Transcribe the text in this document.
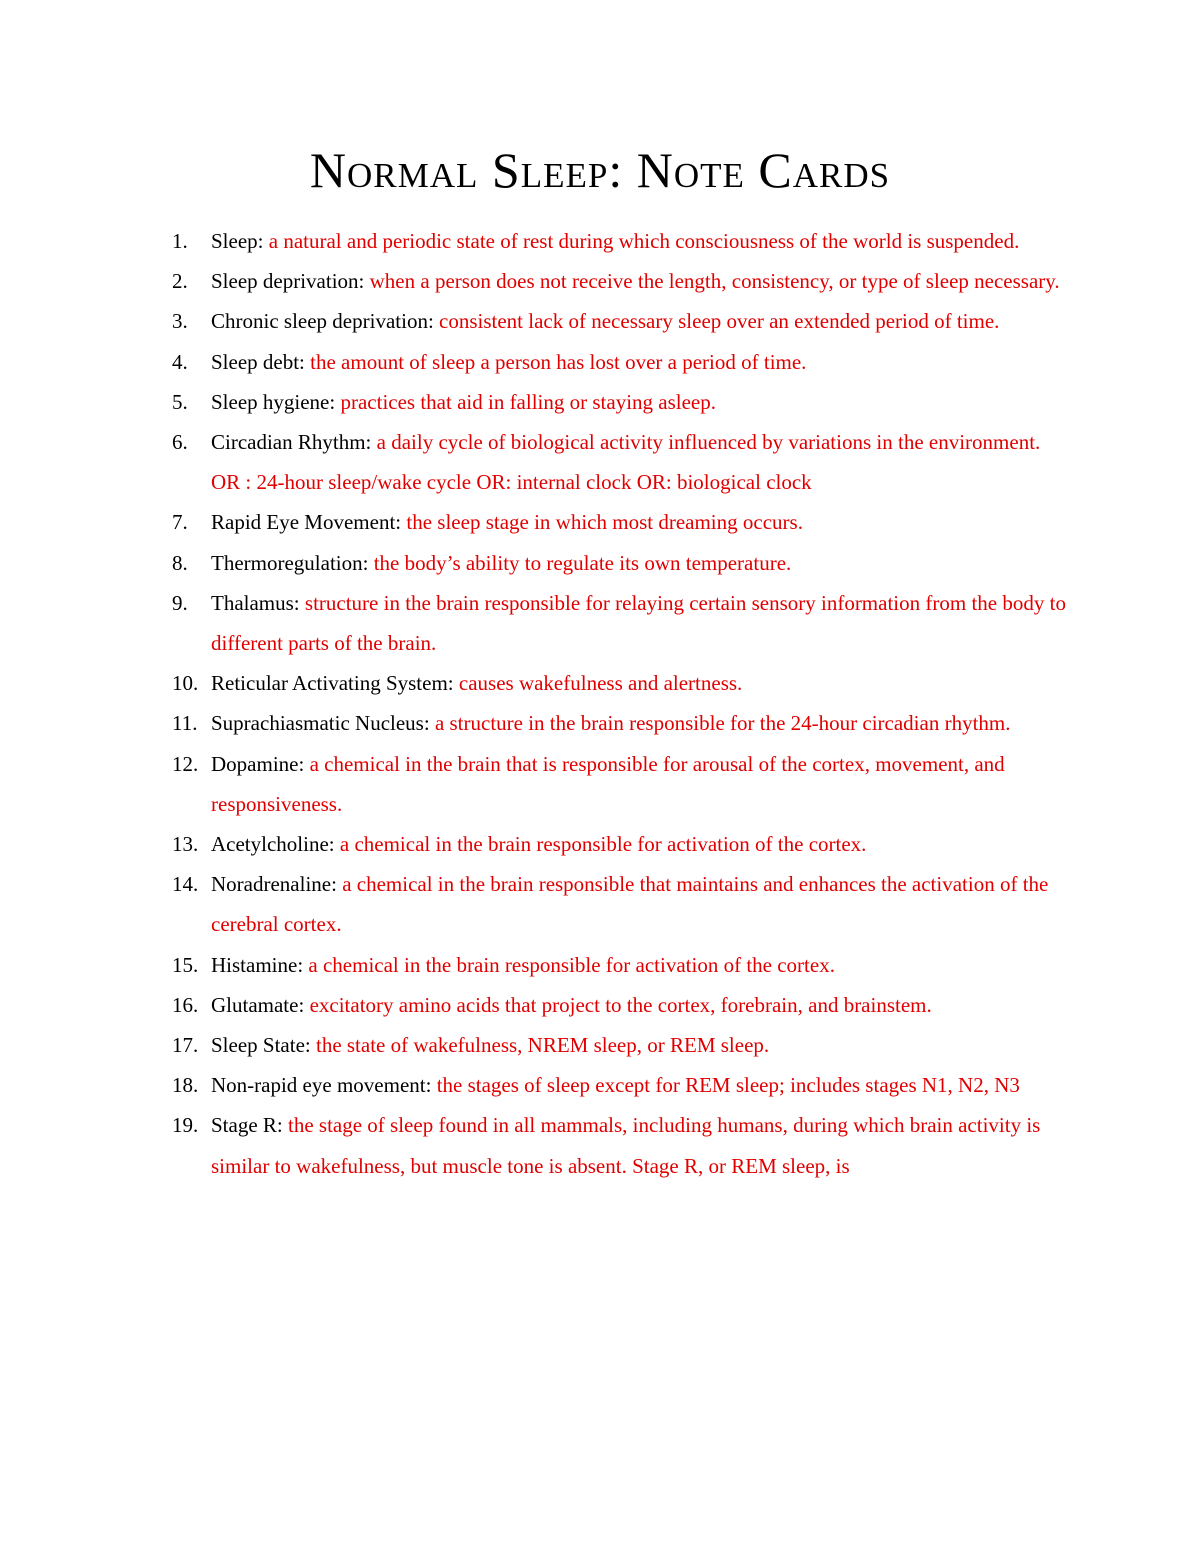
Normal Sleep: Note Cards
1. Sleep: a natural and periodic state of rest during which consciousness of the world is suspended.
2. Sleep deprivation: when a person does not receive the length, consistency, or type of sleep necessary.
3. Chronic sleep deprivation: consistent lack of necessary sleep over an extended period of time.
4. Sleep debt: the amount of sleep a person has lost over a period of time.
5. Sleep hygiene: practices that aid in falling or staying asleep.
6. Circadian Rhythm: a daily cycle of biological activity influenced by variations in the environment. OR : 24-hour sleep/wake cycle OR: internal clock OR: biological clock
7. Rapid Eye Movement: the sleep stage in which most dreaming occurs.
8. Thermoregulation: the body’s ability to regulate its own temperature.
9. Thalamus: structure in the brain responsible for relaying certain sensory information from the body to different parts of the brain.
10. Reticular Activating System: causes wakefulness and alertness.
11. Suprachiasmatic Nucleus: a structure in the brain responsible for the 24-hour circadian rhythm.
12. Dopamine: a chemical in the brain that is responsible for arousal of the cortex, movement, and responsiveness.
13. Acetylcholine: a chemical in the brain responsible for activation of the cortex.
14. Noradrenaline: a chemical in the brain responsible that maintains and enhances the activation of the cerebral cortex.
15. Histamine: a chemical in the brain responsible for activation of the cortex.
16. Glutamate: excitatory amino acids that project to the cortex, forebrain, and brainstem.
17. Sleep State: the state of wakefulness, NREM sleep, or REM sleep.
18. Non-rapid eye movement: the stages of sleep except for REM sleep; includes stages N1, N2, N3
19. Stage R: the stage of sleep found in all mammals, including humans, during which brain activity is similar to wakefulness, but muscle tone is absent. Stage R, or REM sleep, is
